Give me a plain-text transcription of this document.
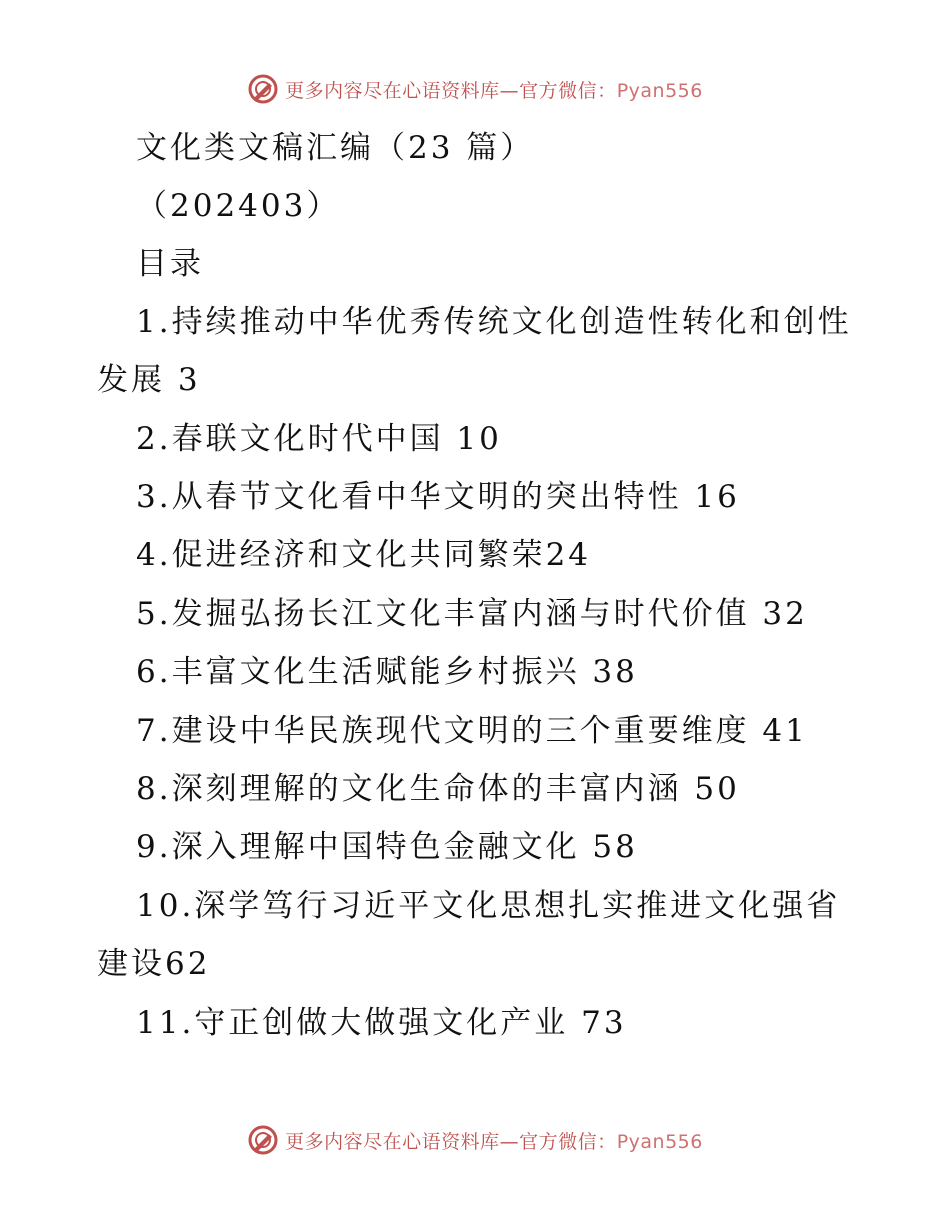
更多内容尽在心语资料库—官方微信：Pyan556
文化类文稿汇编（23 篇）
（202403）
目录
1.持续推动中华优秀传统文化创造性转化和创性
发展 3
2.春联文化时代中国 10
3.从春节文化看中华文明的突出特性 16
4.促进经济和文化共同繁荣24
5.发掘弘扬长江文化丰富内涵与时代价值 32
6.丰富文化生活赋能乡村振兴 38
7.建设中华民族现代文明的三个重要维度 41
8.深刻理解的文化生命体的丰富内涵 50
9.深入理解中国特色金融文化 58
10.深学笃行习近平文化思想扎实推进文化强省
建设62
11.守正创做大做强文化产业 73
更多内容尽在心语资料库—官方微信：Pyan556
